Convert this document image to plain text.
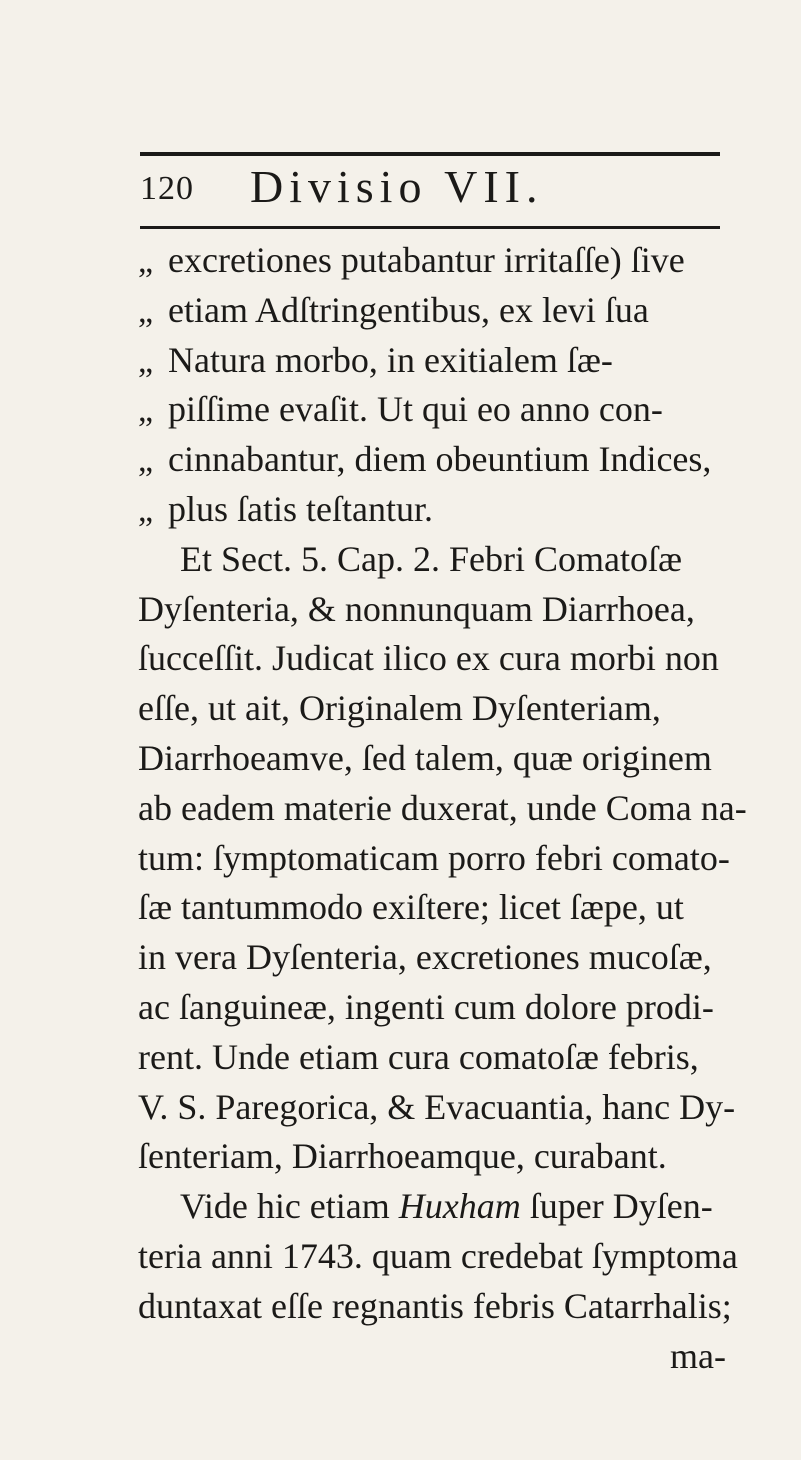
120 Divisio VII.
„ excretiones putabantur irritaſſe) ſive
„ etiam Adſtringentibus, ex levi ſua
„ Natura morbo, in exitialem ſæ-
„ piſſime evaſit. Ut qui eo anno con-
„ cinnabantur, diem obeuntium Indices,
„ plus ſatis teſtantur.
Et Sect. 5. Cap. 2. Febri Comatoſæ
Dyſenteria, & nonnunquam Diarrhoea,
ſucceſſit. Judicat ilico ex cura morbi non
eſſe, ut ait, Originalem Dyſenteriam,
Diarrhoeamve, ſed talem, quæ originem
ab eadem materie duxerat, unde Coma na-
tum: ſymptomaticam porro febri comato-
ſæ tantummodo exiſtere; licet ſæpe, ut
in vera Dyſenteria, excretiones mucoſæ,
ac ſanguineæ, ingenti cum dolore prodi-
rent. Unde etiam cura comatoſæ febris,
V. S. Paregorica, & Evacuantia, hanc Dy-
ſenteriam, Diarrhoeamque, curabant.
Vide hic etiam Huxham ſuper Dyſen-
teria anni 1743. quam credebat ſymptoma
duntaxat eſſe regnantis febris Catarrhalis;
ma-
